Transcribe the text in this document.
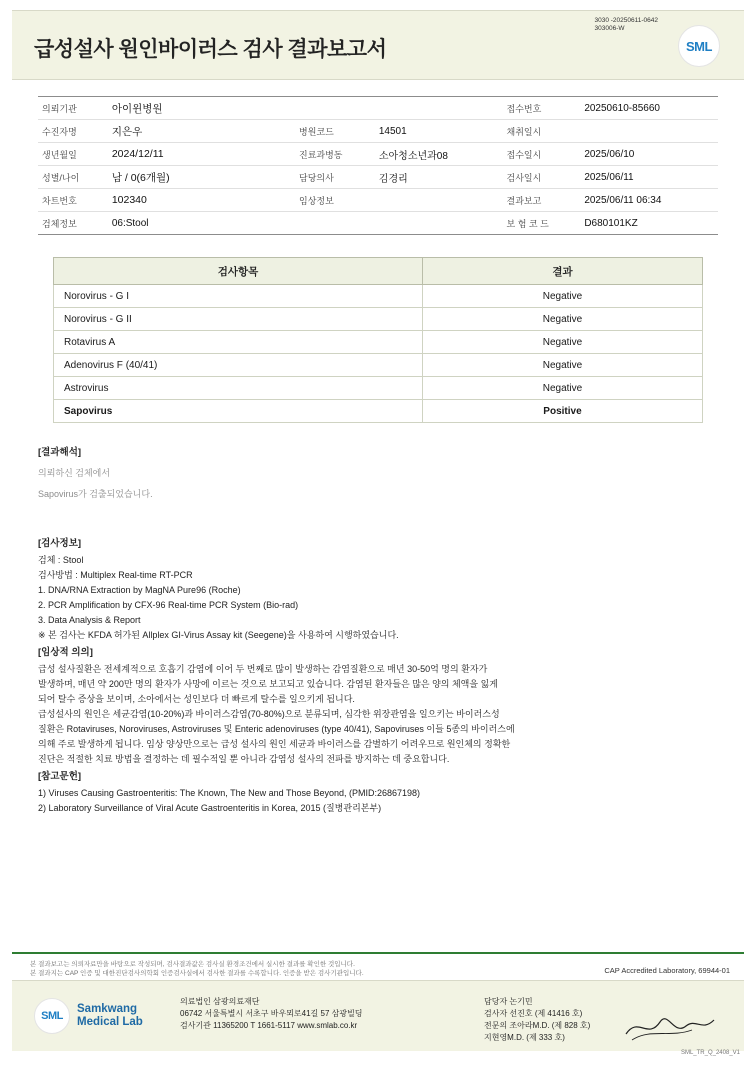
급성설사 원인바이러스 검사 결과보고서
3030 -20250611-0642
303006-W
SML
의뢰기관	아이윈병원			접수번호	20250610-85660
수진자명	지은우	병원코드	14501	채취일시	
생년월일	2024/12/11	진료과병동	소아청소년과08	접수일시	2025/06/10
성별/나이	남 / 0(6개월)	담당의사	김경리	검사일시	2025/06/11
차트번호	102340	임상정보		결과보고	2025/06/11 06:34
검체정보	06:Stool			보 험 코 드	D680101KZ
검사항목	결과
Norovirus - G I	Negative
Norovirus - G II	Negative
Rotavirus A	Negative
Adenovirus F (40/41)	Negative
Astrovirus	Negative
Sapovirus	Positive
[결과해석]
의뢰하신 검체에서
Sapovirus가 검출되었습니다.
[검사정보]
검체 : Stool
검사방법 : Multiplex Real-time RT-PCR
1. DNA/RNA Extraction by MagNA Pure96 (Roche)
2. PCR Amplification by CFX-96 Real-time PCR System (Bio-rad)
3. Data Analysis & Report
※ 본 검사는 KFDA 허가된 Allplex GI-Virus Assay kit (Seegene)을 사용하여 시행하였습니다.
[임상적 의의]
급성 설사질환은 전세계적으로 호흡기 감염에 이어 두 번째로 많이 발생하는 감염질환으로 매년 30-50억 명의 환자가
발생하며, 매년 약 200만 명의 환자가 사망에 이르는 것으로 보고되고 있습니다. 감염된 환자들은 많은 양의 체액을 잃게
되어 탈수 증상을 보이며, 소아에서는 성인보다 더 빠르게 탈수를 일으키게 됩니다.
급성설사의 원인은 세균감염(10-20%)과 바이러스감염(70-80%)으로 분류되며, 심각한 위장관염을 일으키는 바이러스성
질환은 Rotaviruses, Noroviruses, Astroviruses 및 Enteric adenoviruses (type 40/41), Sapoviruses 이들 5종의 바이러스에
의해 주로 발생하게 됩니다. 임상 양상만으로는 급성 설사의 원인 세균과 바이러스를 감별하기 어려우므로 원인체의 정확한
진단은 적절한 치료 방법을 결정하는 데 필수적일 뿐 아니라 감염성 설사의 전파를 방지하는 데 중요합니다.
[참고문헌]
1) Viruses Causing Gastroenteritis: The Known, The New and Those Beyond, (PMID:26867198)
2) Laboratory Surveillance of Viral Acute Gastroenteritis in Korea, 2015 (질병관리본부)
본 결과보고는 의뢰자료만을 바탕으로 작성되며, 검사결과값은 검사실 환경조건에서 실시한 결과를 확인한 것입니다.
본 결과지는 CAP 인증 및 대한진단검사의학회 인증검사실에서 검사한 결과를 수록합니다. 인증을 받은 검사기관입니다.	CAP Accredited Laboratory, 69944-01
SML
Samkwang
Medical Lab
의료법인 삼광의료재단
06742 서울특별시 서초구 바우뫼로41길 57 삼광빌딩
검사기관 11365200 T 1661-5117 www.smlab.co.kr
담당자 논기민
검사자 선진호 (제 41416 호)
전문의 조아라M.D. (제 828 호)
지현영M.D. (제 333 호)
SML_TR_Q_2408_V1
